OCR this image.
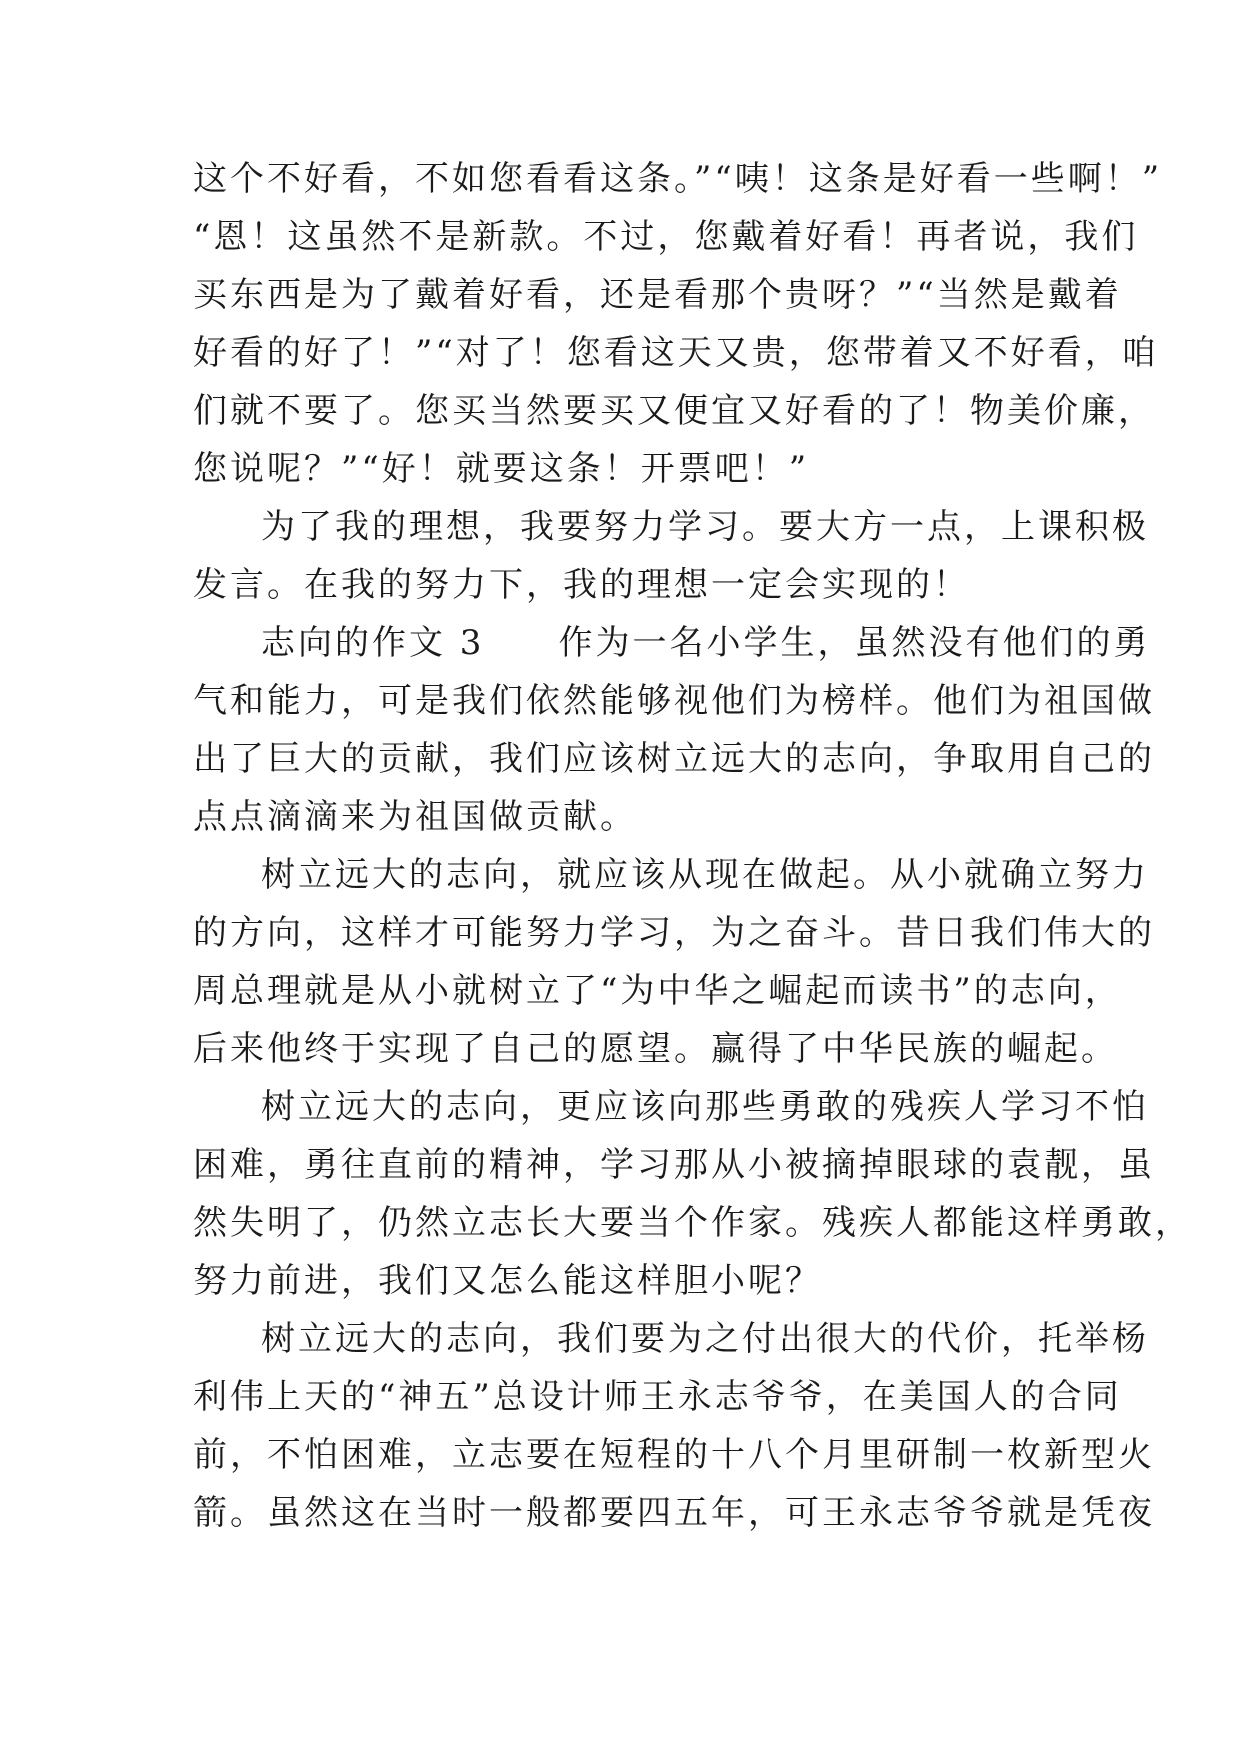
这个不好看，不如您看看这条。”“咦！这条是好看一些啊！”
“恩！这虽然不是新款。不过，您戴着好看！再者说，我们
买东西是为了戴着好看，还是看那个贵呀？”“当然是戴着
好看的好了！”“对了！您看这天又贵，您带着又不好看，咱
们就不要了。您买当然要买又便宜又好看的了！物美价廉，
您说呢？”“好！就要这条！开票吧！”
为了我的理想，我要努力学习。要大方一点，上课积极
发言。在我的努力下，我的理想一定会实现的！
志向的作文 3　　作为一名小学生，虽然没有他们的勇
气和能力，可是我们依然能够视他们为榜样。他们为祖国做
出了巨大的贡献，我们应该树立远大的志向，争取用自己的
点点滴滴来为祖国做贡献。
树立远大的志向，就应该从现在做起。从小就确立努力
的方向，这样才可能努力学习，为之奋斗。昔日我们伟大的
周总理就是从小就树立了“为中华之崛起而读书”的志向，
后来他终于实现了自己的愿望。赢得了中华民族的崛起。
树立远大的志向，更应该向那些勇敢的残疾人学习不怕
困难，勇往直前的精神，学习那从小被摘掉眼球的袁靓，虽
然失明了，仍然立志长大要当个作家。残疾人都能这样勇敢，
努力前进，我们又怎么能这样胆小呢？
树立远大的志向，我们要为之付出很大的代价，托举杨
利伟上天的“神五”总设计师王永志爷爷，在美国人的合同
前，不怕困难，立志要在短程的十八个月里研制一枚新型火
箭。虽然这在当时一般都要四五年，可王永志爷爷就是凭夜
